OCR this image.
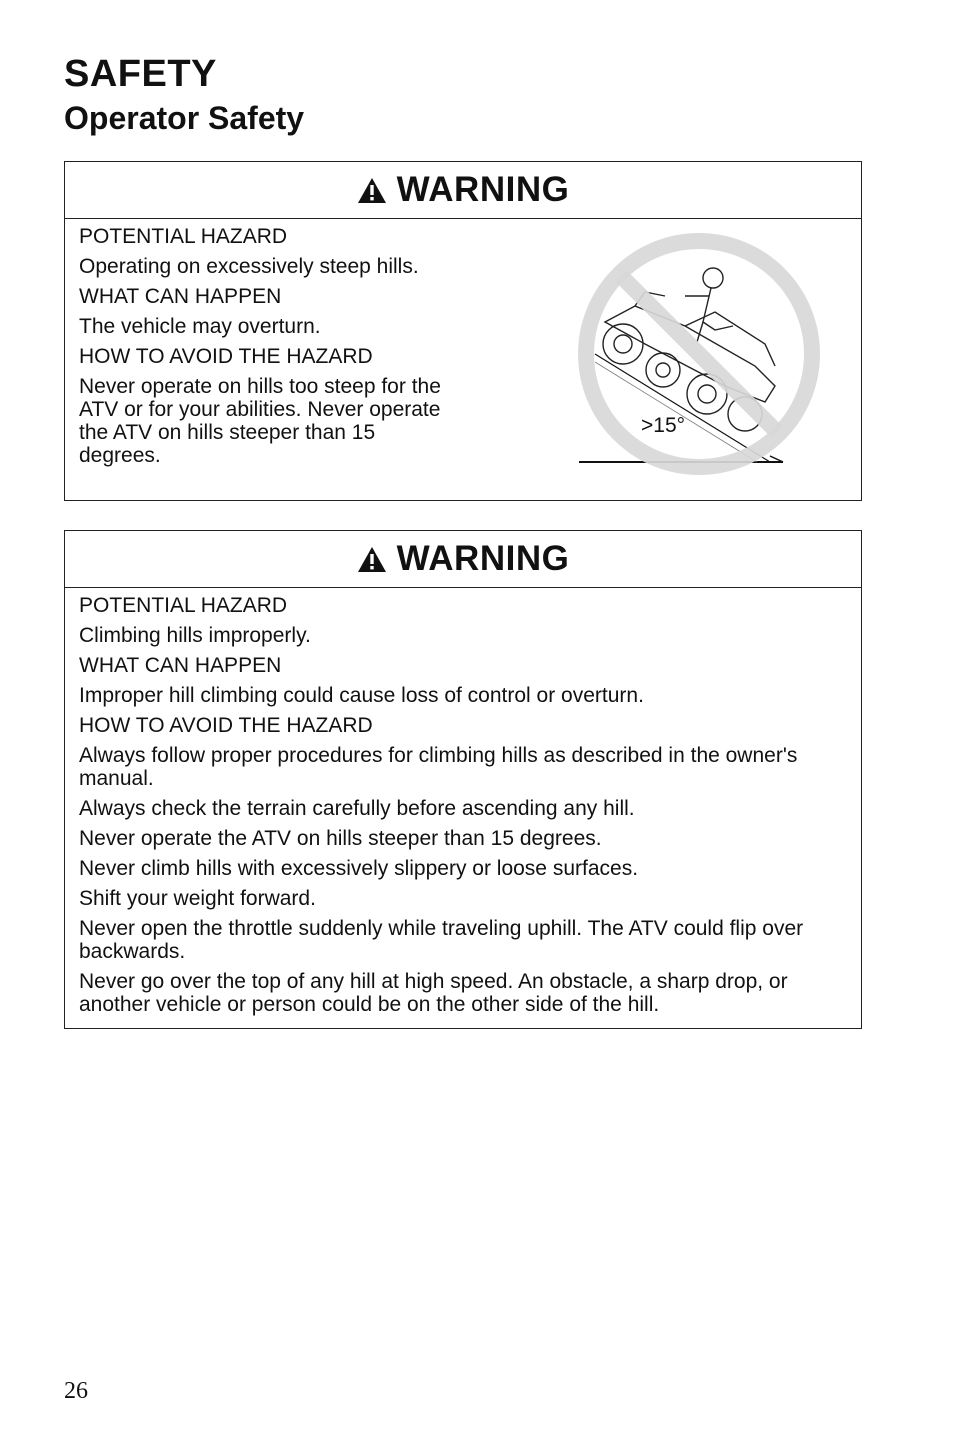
SAFETY
Operator Safety
WARNING

POTENTIAL HAZARD

Operating on excessively steep hills.

WHAT CAN HAPPEN

The vehicle may overturn.

HOW TO AVOID THE HAZARD

Never operate on hills too steep for the ATV or for your abilities. Never operate the ATV on hills steeper than 15 degrees.

>15°
WARNING

POTENTIAL HAZARD

Climbing hills improperly.

WHAT CAN HAPPEN

Improper hill climbing could cause loss of control or overturn.

HOW TO AVOID THE HAZARD

Always follow proper procedures for climbing hills as described in the owner's manual.

Always check the terrain carefully before ascending any hill.

Never operate the ATV on hills steeper than 15 degrees.

Never climb hills with excessively slippery or loose surfaces.

Shift your weight forward.

Never open the throttle suddenly while traveling uphill. The ATV could flip over backwards.

Never go over the top of any hill at high speed. An obstacle, a sharp drop, or another vehicle or person could be on the other side of the hill.

26
